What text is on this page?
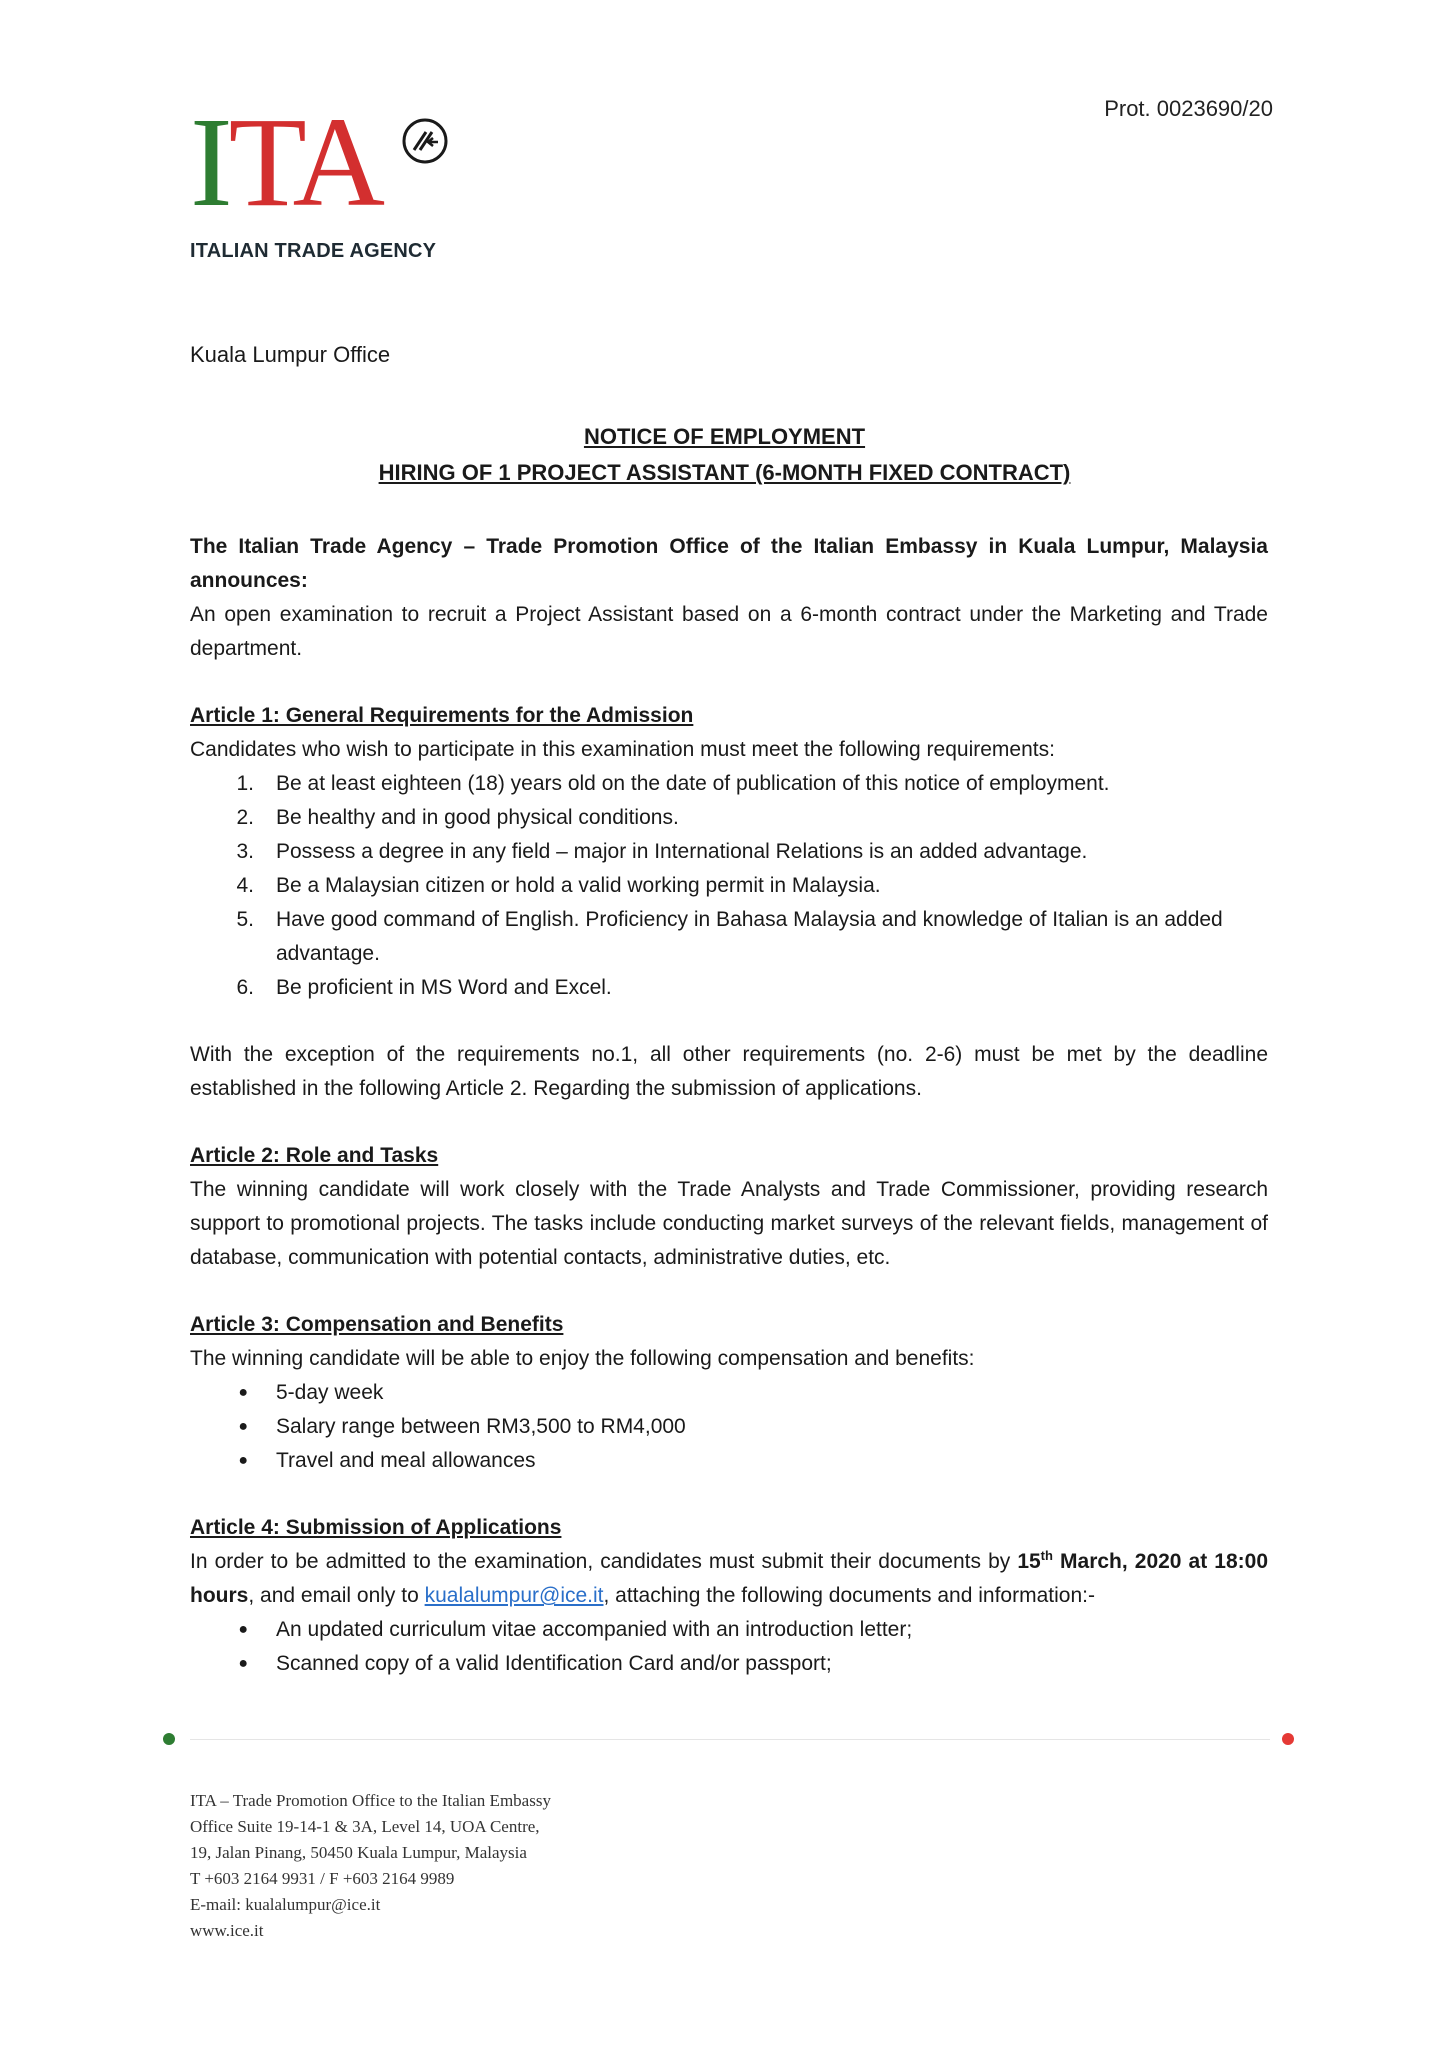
Prot. 0023690/20
ITA
ITALIAN TRADE AGENCY
Kuala Lumpur Office
NOTICE OF EMPLOYMENT
HIRING OF 1 PROJECT ASSISTANT (6-MONTH FIXED CONTRACT)

The Italian Trade Agency – Trade Promotion Office of the Italian Embassy in Kuala Lumpur, Malaysia announces:

An open examination to recruit a Project Assistant based on a 6-month contract under the Marketing and Trade department.

Article 1: General Requirements for the Admission

Candidates who wish to participate in this examination must meet the following requirements:

1.	Be at least eighteen (18) years old on the date of publication of this notice of employment.
2.	Be healthy and in good physical conditions.
3.	Possess a degree in any field – major in International Relations is an added advantage.
4.	Be a Malaysian citizen or hold a valid working permit in Malaysia.
5.	Have good command of English. Proficiency in Bahasa Malaysia and knowledge of Italian is an added advantage.
6.	Be proficient in MS Word and Excel.

With the exception of the requirements no.1, all other requirements (no. 2-6) must be met by the deadline established in the following Article 2. Regarding the submission of applications.

Article 2: Role and Tasks

The winning candidate will work closely with the Trade Analysts and Trade Commissioner, providing research support to promotional projects. The tasks include conducting market surveys of the relevant fields, management of database, communication with potential contacts, administrative duties, etc.

Article 3: Compensation and Benefits

The winning candidate will be able to enjoy the following compensation and benefits:

●	5-day week
●	Salary range between RM3,500 to RM4,000
●	Travel and meal allowances

Article 4: Submission of Applications

In order to be admitted to the examination, candidates must submit their documents by 15th March, 2020 at 18:00 hours, and email only to kualalumpur@ice.it, attaching the following documents and information:-

●	An updated curriculum vitae accompanied with an introduction letter;
●	Scanned copy of a valid Identification Card and/or passport;
ITA – Trade Promotion Office to the Italian Embassy
Office Suite 19-14-1 & 3A, Level 14, UOA Centre,
19, Jalan Pinang, 50450 Kuala Lumpur, Malaysia
T +603 2164 9931 / F +603 2164 9989
E-mail: kualalumpur@ice.it
www.ice.it
